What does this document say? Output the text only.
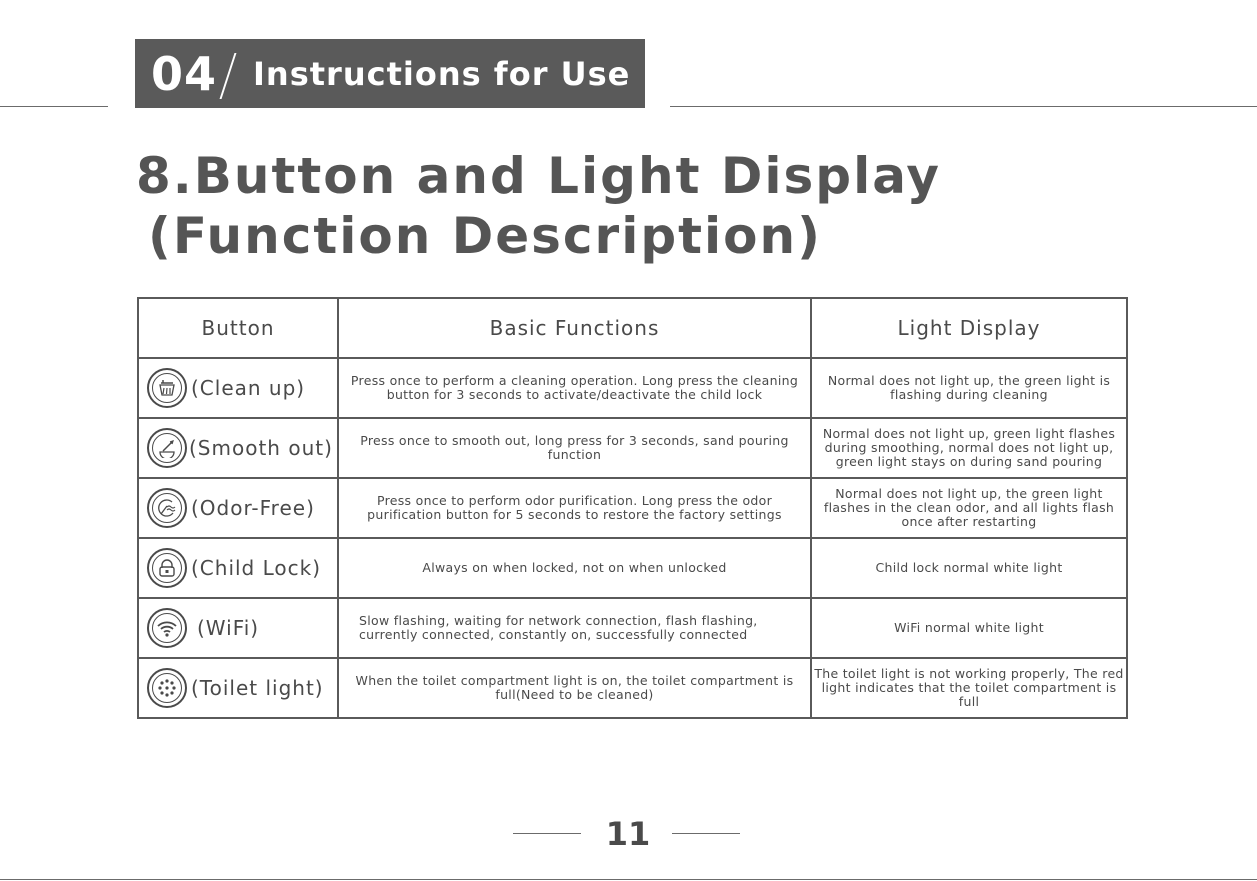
04 Instructions for Use
8.Button and Light Display
(Function Description)
Button	Basic Functions	Light Display

(Clean up)	Press once to perform a cleaning operation. Long press the cleaning button for 3 seconds to activate/deactivate the child lock	Normal does not light up, the green light is flashing during cleaning

(Smooth out)	Press once to smooth out, long press for 3 seconds, sand pouring function	Normal does not light up, green light flashes during smoothing, normal does not light up, green light stays on during sand pouring

(Odor-Free)	Press once to perform odor purification. Long press the odor purification button for 5 seconds to restore the factory settings	Normal does not light up, the green light flashes in the clean odor, and all lights flash once after restarting

(Child Lock)	Always on when locked, not on when unlocked	Child lock normal white light

(WiFi)	Slow flashing, waiting for network connection, flash flashing, currently connected, constantly on, successfully connected	WiFi normal white light

(Toilet light)	When the toilet compartment light is on, the toilet compartment is full(Need to be cleaned)	The toilet light is not working properly, The red light indicates that the toilet compartment is full
11
